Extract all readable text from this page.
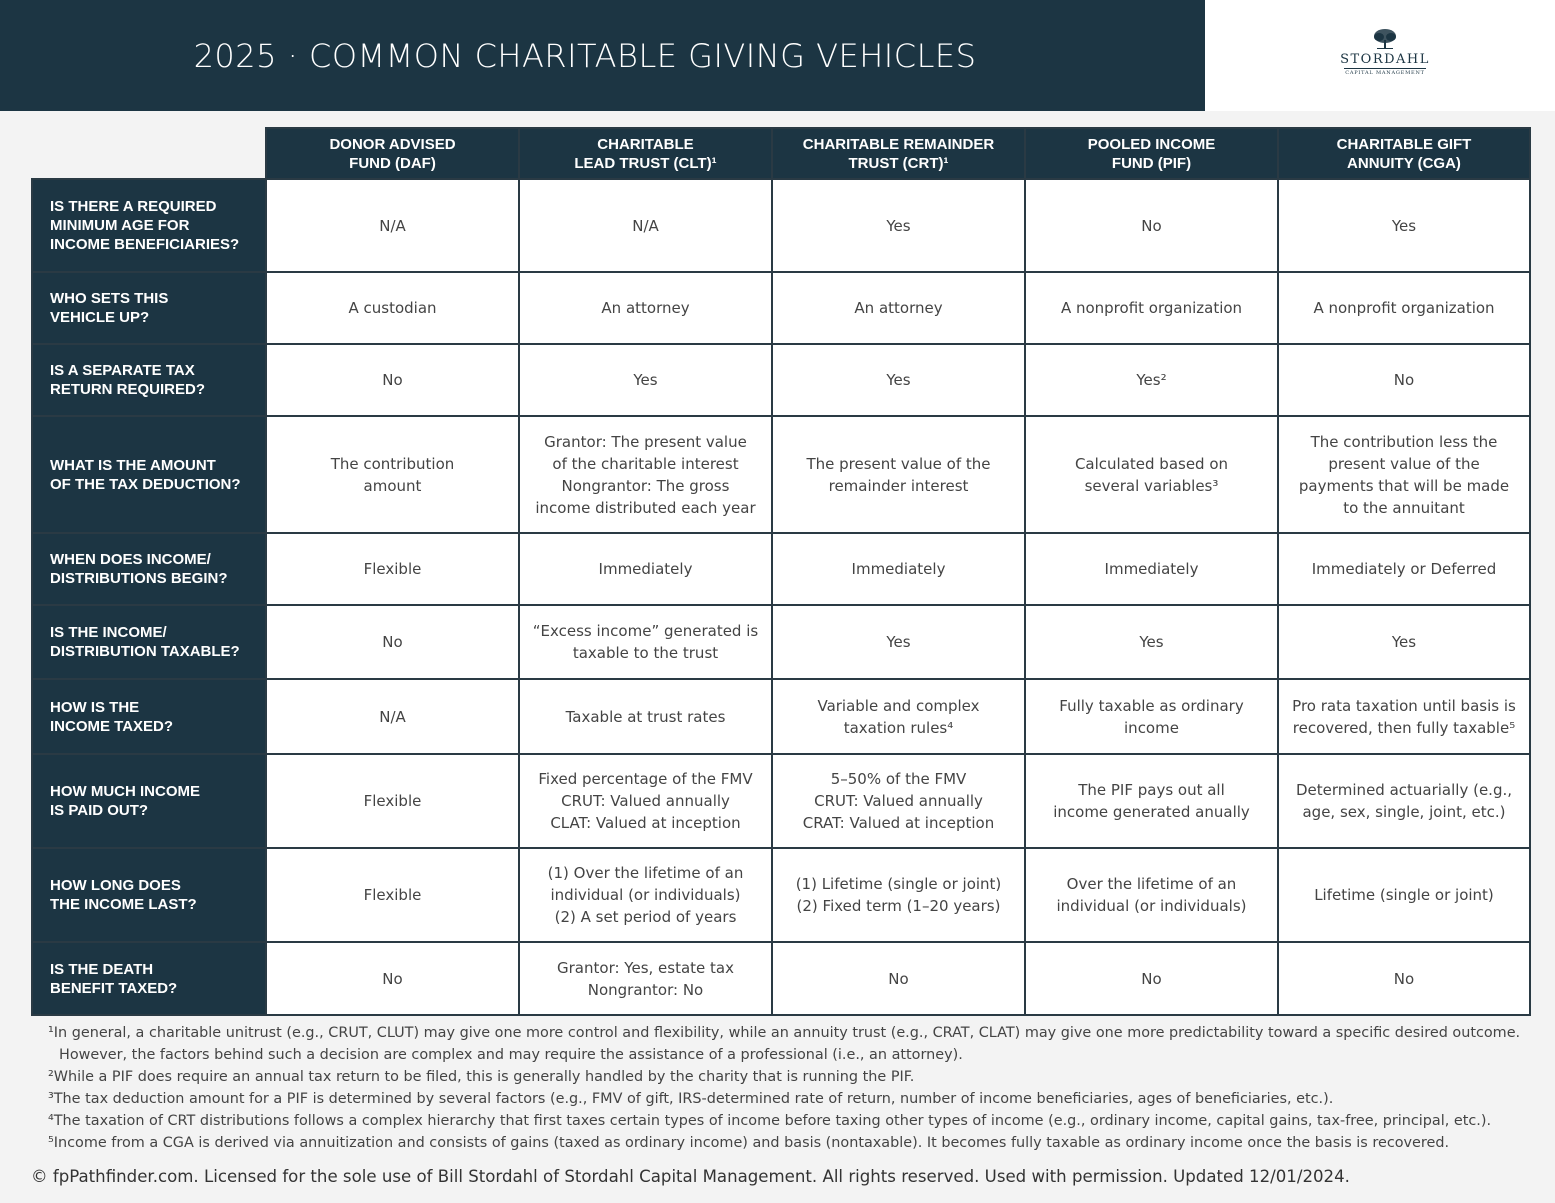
2025 · COMMON CHARITABLE GIVING VEHICLES	STORDAHL
CAPITAL MANAGEMENT
	DONOR ADVISED
FUND (DAF)	CHARITABLE
LEAD TRUST (CLT)¹	CHARITABLE REMAINDER
TRUST (CRT)¹	POOLED INCOME
FUND (PIF)	CHARITABLE GIFT
ANNUITY (CGA)
IS THERE A REQUIRED
MINIMUM AGE FOR
INCOME BENEFICIARIES?	N/A	N/A	Yes	No	Yes
WHO SETS THIS
VEHICLE UP?	A custodian	An attorney	An attorney	A nonprofit organization	A nonprofit organization
IS A SEPARATE TAX
RETURN REQUIRED?	No	Yes	Yes	Yes²	No
WHAT IS THE AMOUNT
OF THE TAX DEDUCTION?	The contribution
amount	Grantor: The present value
of the charitable interest
Nongrantor: The gross
income distributed each year	The present value of the
remainder interest	Calculated based on
several variables³	The contribution less the
present value of the
payments that will be made
to the annuitant
WHEN DOES INCOME/
DISTRIBUTIONS BEGIN?	Flexible	Immediately	Immediately	Immediately	Immediately or Deferred
IS THE INCOME/
DISTRIBUTION TAXABLE?	No	“Excess income” generated is
taxable to the trust	Yes	Yes	Yes
HOW IS THE
INCOME TAXED?	N/A	Taxable at trust rates	Variable and complex
taxation rules⁴	Fully taxable as ordinary
income	Pro rata taxation until basis is
recovered, then fully taxable⁵
HOW MUCH INCOME
IS PAID OUT?	Flexible	Fixed percentage of the FMV
CRUT: Valued annually
CLAT: Valued at inception	5–50% of the FMV
CRUT: Valued annually
CRAT: Valued at inception	The PIF pays out all
income generated anually	Determined actuarially (e.g.,
age, sex, single, joint, etc.)
HOW LONG DOES
THE INCOME LAST?	Flexible	(1) Over the lifetime of an
individual (or individuals)
(2) A set period of years	(1) Lifetime (single or joint)
(2) Fixed term (1–20 years)	Over the lifetime of an
individual (or individuals)	Lifetime (single or joint)
IS THE DEATH
BENEFIT TAXED?	No	Grantor: Yes, estate tax
Nongrantor: No	No	No	No
¹In general, a charitable unitrust (e.g., CRUT, CLUT) may give one more control and flexibility, while an annuity trust (e.g., CRAT, CLAT) may give one more predictability toward a specific desired outcome. However, the factors behind such a decision are complex and may require the assistance of a professional (i.e., an attorney).
²While a PIF does require an annual tax return to be filed, this is generally handled by the charity that is running the PIF.
³The tax deduction amount for a PIF is determined by several factors (e.g., FMV of gift, IRS-determined rate of return, number of income beneficiaries, ages of beneficiaries, etc.).
⁴The taxation of CRT distributions follows a complex hierarchy that first taxes certain types of income before taxing other types of income (e.g., ordinary income, capital gains, tax-free, principal, etc.).
⁵Income from a CGA is derived via annuitization and consists of gains (taxed as ordinary income) and basis (nontaxable). It becomes fully taxable as ordinary income once the basis is recovered.
© fpPathfinder.com. Licensed for the sole use of Bill Stordahl of Stordahl Capital Management. All rights reserved. Used with permission. Updated 12/01/2024.
